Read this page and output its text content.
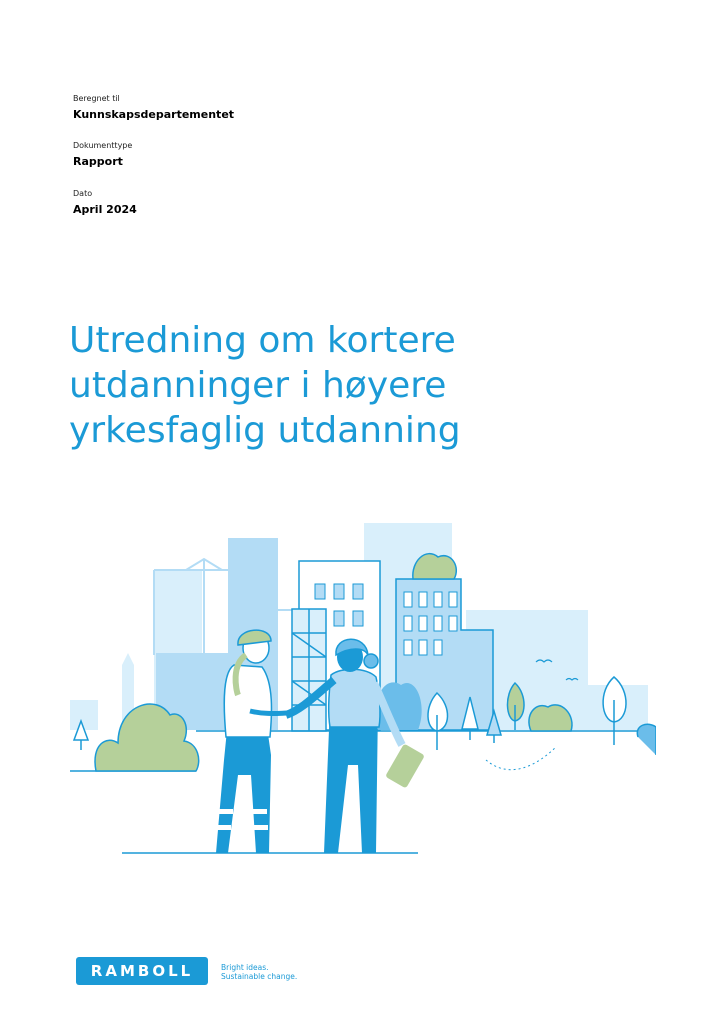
Beregnet til
Kunnskapsdepartementet
Dokumenttype
Rapport
Dato
April 2024
Utredning om kortere
utdanninger i høyere
yrkesfaglig utdanning
RAMBOLL	Bright ideas.
Sustainable change.
